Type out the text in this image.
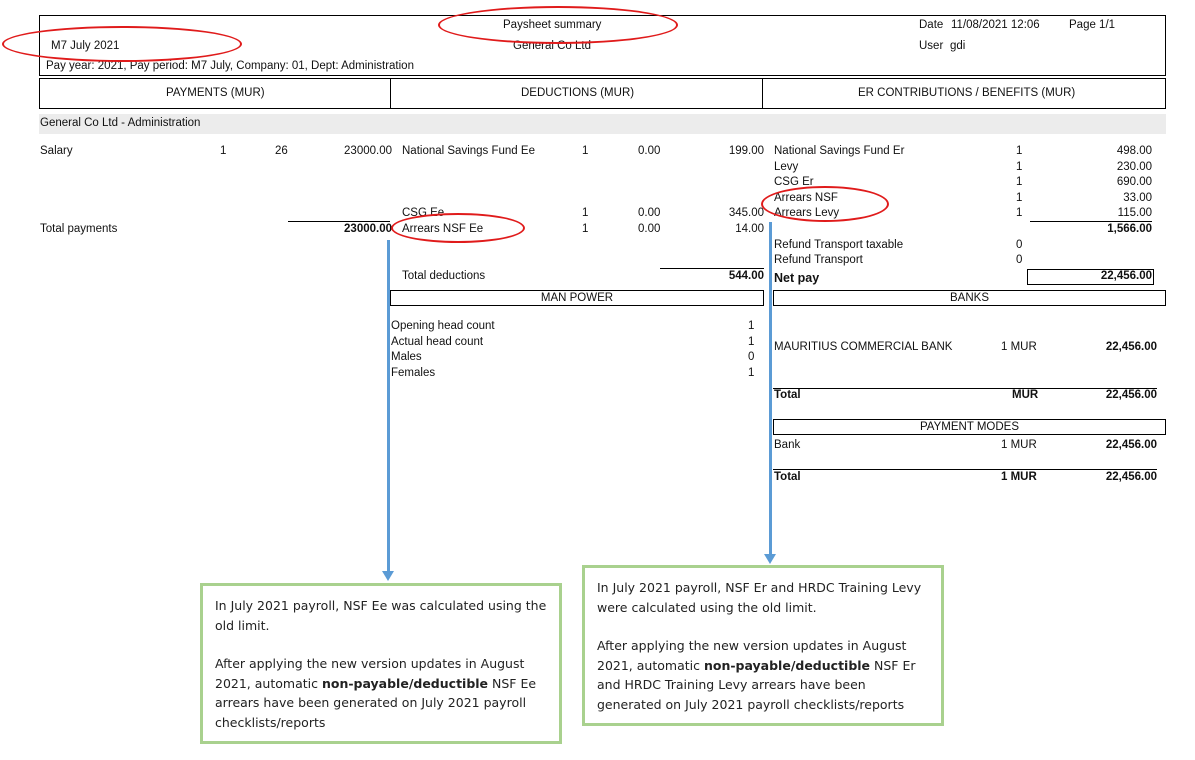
Paysheet summary
General Co Ltd
M7 July 2021
Pay year: 2021, Pay period: M7 July, Company: 01, Dept: Administration
Date 11/08/2021 12:06	Page 1/1
User gdi
PAYMENTS (MUR)	DEDUCTIONS (MUR)	ER CONTRIBUTIONS / BENEFITS (MUR)
General Co Ltd - Administration
Salary	1	26	23000.00
Total payments	23000.00
National Savings Fund Ee	1	0.00	199.00
CSG Ee	1	0.00	345.00
Arrears NSF Ee	1	0.00	14.00
Total deductions	544.00
National Savings Fund Er	1	498.00
Levy	1	230.00
CSG Er	1	690.00
Arrears NSF	1	33.00
Arrears Levy	1	115.00
1,566.00
Refund Transport taxable	0
Refund Transport	0
Net pay	22,456.00
MAN POWER
Opening head count	1
Actual head count	1
Males	0
Females	1
BANKS
MAURITIUS COMMERCIAL BANK	1 MUR	22,456.00
Total	MUR	22,456.00
PAYMENT MODES
Bank	1 MUR	22,456.00
Total	1 MUR	22,456.00

In July 2021 payroll, NSF Ee was calculated using the old limit.

After applying the new version updates in August 2021, automatic non-payable/deductible NSF Ee arrears have been generated on July 2021 payroll checklists/reports

In July 2021 payroll, NSF Er and HRDC Training Levy were calculated using the old limit.

After applying the new version updates in August 2021, automatic non-payable/deductible NSF Er and HRDC Training Levy arrears have been generated on July 2021 payroll checklists/reports
